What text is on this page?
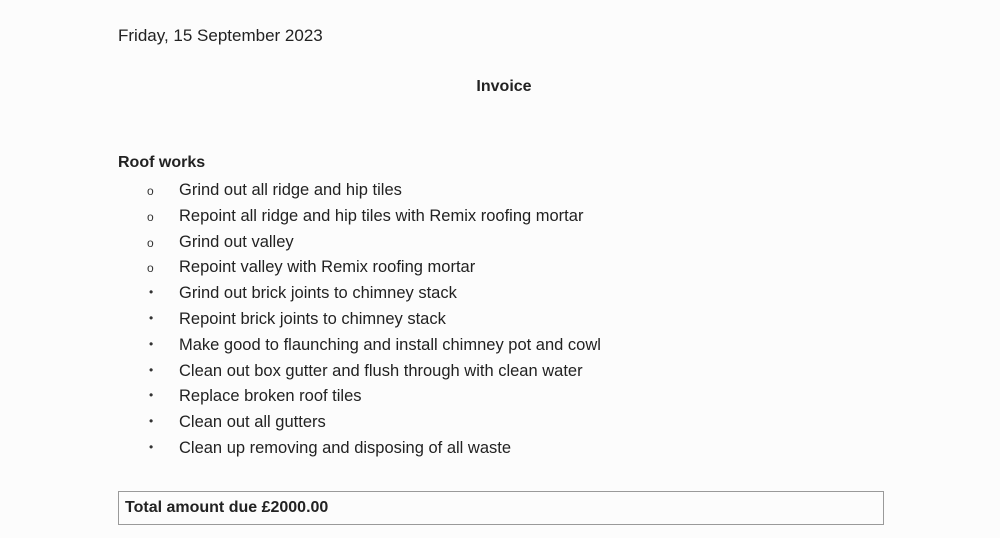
Friday, 15 September 2023
Invoice
Roof works
o Grind out all ridge and hip tiles
o Repoint all ridge and hip tiles with Remix roofing mortar
o Grind out valley
o Repoint valley with Remix roofing mortar
• Grind out brick joints to chimney stack
• Repoint brick joints to chimney stack
• Make good to flaunching and install chimney pot and cowl
• Clean out box gutter and flush through with clean water
• Replace broken roof tiles
• Clean out all gutters
• Clean up removing and disposing of all waste
Total amount due £2000.00
